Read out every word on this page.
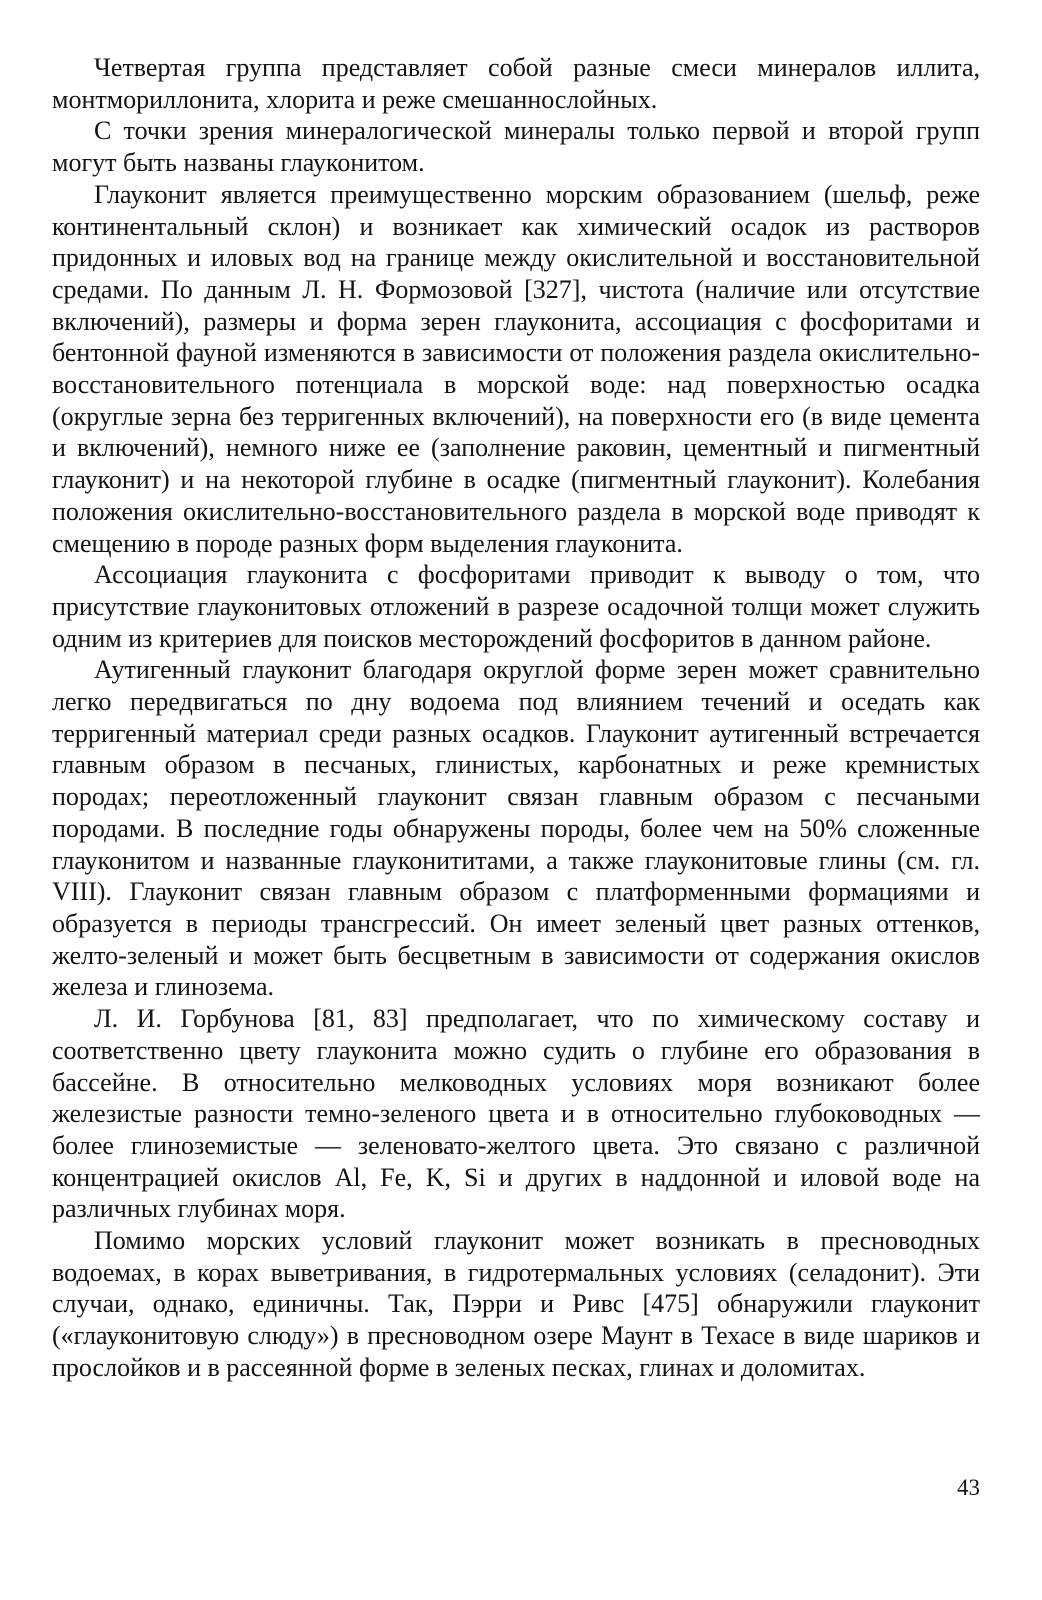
Четвертая группа представляет собой разные смеси минералов иллита, монтмориллонита, хлорита и реже смешаннослойных.

С точки зрения минералогической минералы только первой и второй групп могут быть названы глауконитом.

Глауконит является преимущественно морским образованием (шельф, реже континентальный склон) и возникает как химический осадок из растворов придонных и иловых вод на границе между окислительной и восстановительной средами. По данным Л. Н. Формозовой [327], чистота (наличие или отсутствие включений), размеры и форма зерен глауконита, ассоциация с фосфоритами и бентонной фауной изменяются в зависимости от положения раздела окислительно-восстановительного потенциала в морской воде: над поверхностью осадка (округлые зерна без терригенных включений), на поверхности его (в виде цемента и включений), немного ниже ее (заполнение раковин, цементный и пигментный глауконит) и на некоторой глубине в осадке (пигментный глауконит). Колебания положения окислительно-восстановительного раздела в морской воде приводят к смещению в породе разных форм выделения глауконита.

Ассоциация глауконита с фосфоритами приводит к выводу о том, что присутствие глауконитовых отложений в разрезе осадочной толщи может служить одним из критериев для поисков месторождений фосфоритов в данном районе.

Аутигенный глауконит благодаря округлой форме зерен может сравнительно легко передвигаться по дну водоема под влиянием течений и оседать как терригенный материал среди разных осадков. Глауконит аутигенный встречается главным образом в песчаных, глинистых, карбонатных и реже кремнистых породах; переотложенный глауконит связан главным образом с песчаными породами. В последние годы обнаружены породы, более чем на 50% сложенные глауконитом и названные глауконититами, а также глауконитовые глины (см. гл. VIII). Глауконит связан главным образом с платформенными формациями и образуется в периоды трансгрессий. Он имеет зеленый цвет разных оттенков, желто-зеленый и может быть бесцветным в зависимости от содержания окислов железа и глинозема.

Л. И. Горбунова [81, 83] предполагает, что по химическому составу и соответственно цвету глауконита можно судить о глубине его образования в бассейне. В относительно мелководных условиях моря возникают более железистые разности темно-зеленого цвета и в относительно глубоководных — более глиноземистые — зеленовато-желтого цвета. Это связано с различной концентрацией окислов Al, Fe, K, Si и других в наддонной и иловой воде на различных глубинах моря.

Помимо морских условий глауконит может возникать в пресноводных водоемах, в корах выветривания, в гидротермальных условиях (селадонит). Эти случаи, однако, единичны. Так, Пэрри и Ривс [475] обнаружили глауконит («глауконитовую слюду») в пресноводном озере Маунт в Техасе в виде шариков и прослойков и в рассеянной форме в зеленых песках, глинах и доломитах.

43
